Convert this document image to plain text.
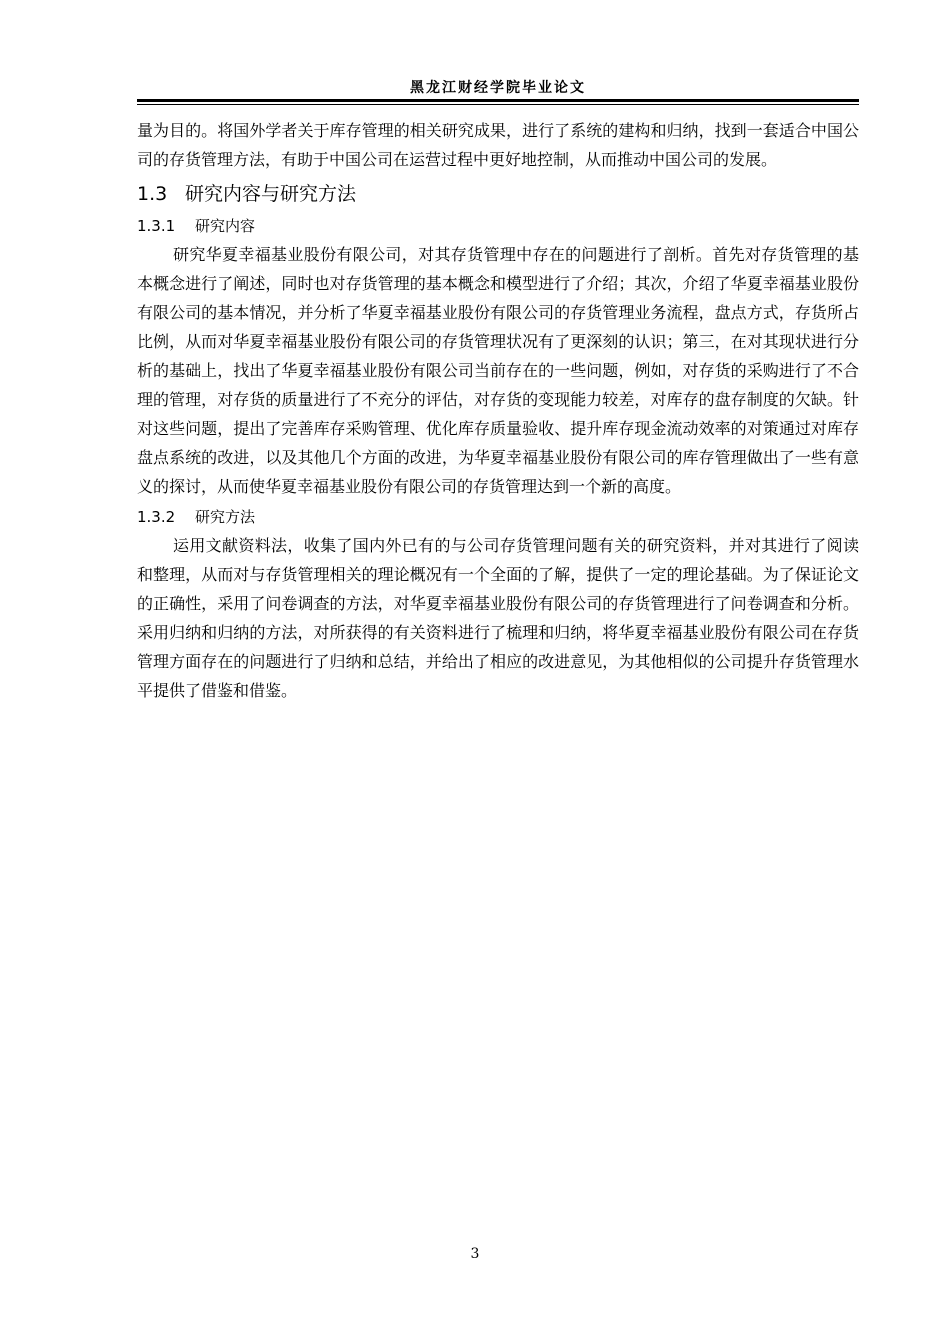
黑龙江财经学院毕业论文

量为目的。将国外学者关于库存管理的相关研究成果，进行了系统的建构和归纳，找到一套适合中国公司的存货管理方法，有助于中国公司在运营过程中更好地控制，从而推动中国公司的发展。

1.3 研究内容与研究方法
1.3.1 研究内容

研究华夏幸福基业股份有限公司，对其存货管理中存在的问题进行了剖析。首先对存货管理的基本概念进行了阐述，同时也对存货管理的基本概念和模型进行了介绍；其次，介绍了华夏幸福基业股份有限公司的基本情况，并分析了华夏幸福基业股份有限公司的存货管理业务流程，盘点方式，存货所占比例，从而对华夏幸福基业股份有限公司的存货管理状况有了更深刻的认识；第三，在对其现状进行分析的基础上，找出了华夏幸福基业股份有限公司当前存在的一些问题，例如，对存货的采购进行了不合理的管理，对存货的质量进行了不充分的评估，对存货的变现能力较差，对库存的盘存制度的欠缺。针对这些问题，提出了完善库存采购管理、优化库存质量验收、提升库存现金流动效率的对策通过对库存盘点系统的改进，以及其他几个方面的改进，为华夏幸福基业股份有限公司的库存管理做出了一些有意义的探讨，从而使华夏幸福基业股份有限公司的存货管理达到一个新的高度。

1.3.2 研究方法

运用文献资料法，收集了国内外已有的与公司存货管理问题有关的研究资料，并对其进行了阅读和整理，从而对与存货管理相关的理论概况有一个全面的了解，提供了一定的理论基础。为了保证论文的正确性，采用了问卷调查的方法，对华夏幸福基业股份有限公司的存货管理进行了问卷调查和分析。采用归纳和归纳的方法，对所获得的有关资料进行了梳理和归纳，将华夏幸福基业股份有限公司在存货管理方面存在的问题进行了归纳和总结，并给出了相应的改进意见，为其他相似的公司提升存货管理水平提供了借鉴和借鉴。

3
